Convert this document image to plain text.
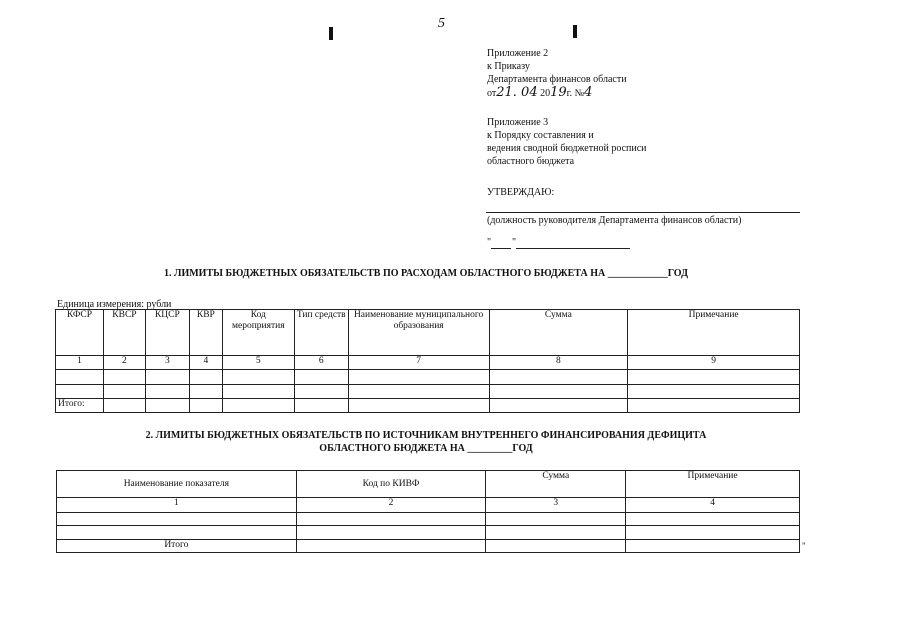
5
Приложение 2
к Приказу
Департамента финансов области
от21. 04 2019г. №4
Приложение 3
к Порядку составления и
ведения сводной бюджетной росписи
областного бюджета
УТВЕРЖДАЮ:
(должность руководителя Департамента финансов области)
" "
1. ЛИМИТЫ БЮДЖЕТНЫХ ОБЯЗАТЕЛЬСТВ ПО РАСХОДАМ ОБЛАСТНОГО БЮДЖЕТА НА ____________ГОД
Единица измерения: рубли
КФСР	КВСР	КЦСР	КВР	Код мероприятия	Тип средств	Наименование муниципального образования	Сумма	Примечание
1	2	3	4	5	6	7	8	9

Итого:								
2. ЛИМИТЫ БЮДЖЕТНЫХ ОБЯЗАТЕЛЬСТВ ПО ИСТОЧНИКАМ ВНУТРЕННЕГО ФИНАНСИРОВАНИЯ ДЕФИЦИТА
ОБЛАСТНОГО БЮДЖЕТА НА _________ГОД
Наименование показателя	Код по КИВФ	Сумма	Примечание
1	2	3	4

Итого				"
